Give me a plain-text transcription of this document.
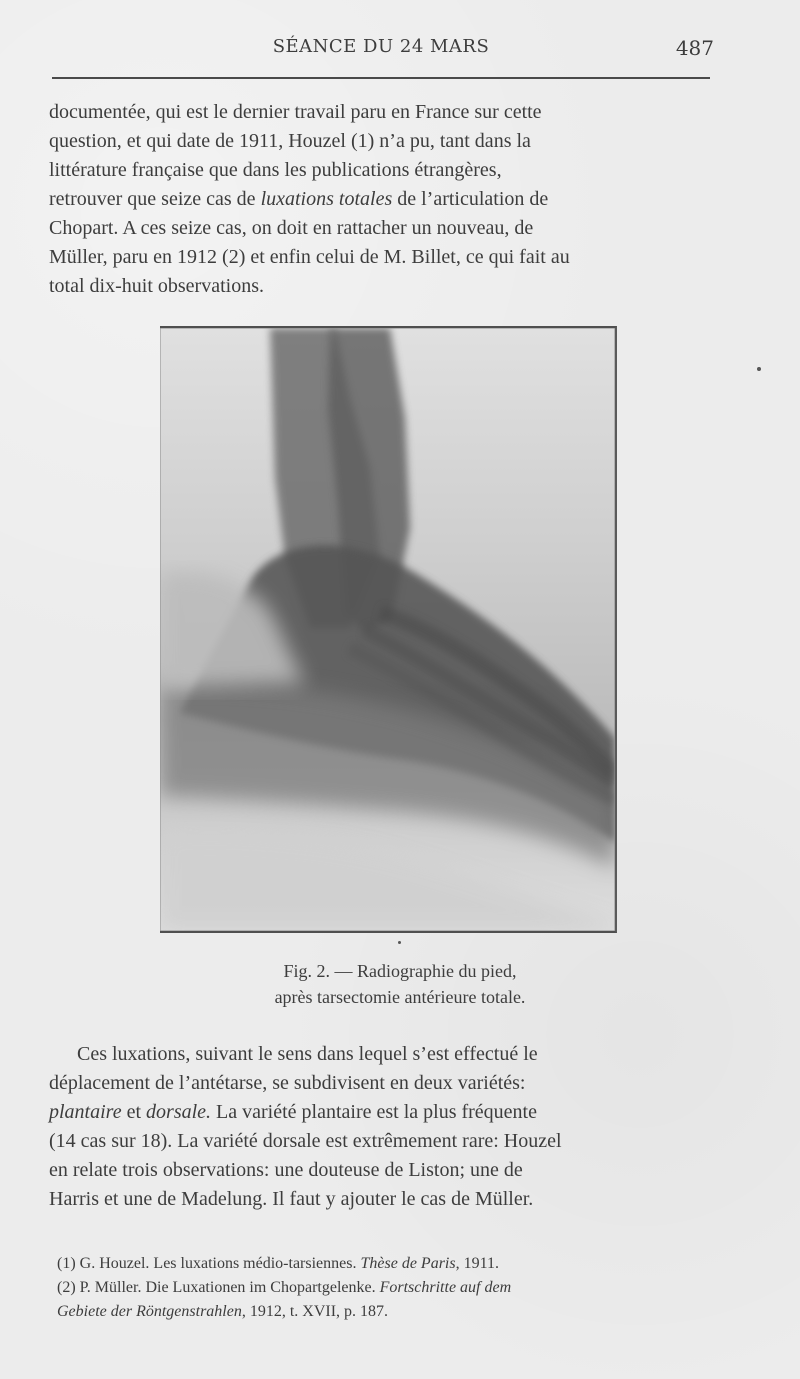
SÉANCE DU 24 MARS	487
documentée, qui est le dernier travail paru en France sur cette
question, et qui date de 1911, Houzel (1) n’a pu, tant dans la
littérature française que dans les publications étrangères,
retrouver que seize cas de luxations totales de l’articulation de
Chopart. A ces seize cas, on doit en rattacher un nouveau, de
Müller, paru en 1912 (2) et enfin celui de M. Billet, ce qui fait au
total dix-huit observations.
Fig. 2. — Radiographie du pied,
après tarsectomie antérieure totale.
Ces luxations, suivant le sens dans lequel s’est effectué le
déplacement de l’antétarse, se subdivisent en deux variétés:
plantaire et dorsale. La variété plantaire est la plus fréquente
(14 cas sur 18). La variété dorsale est extrêmement rare: Houzel
en relate trois observations: une douteuse de Liston; une de
Harris et une de Madelung. Il faut y ajouter le cas de Müller.
(1) G. Houzel. Les luxations médio-tarsiennes. Thèse de Paris, 1911.
(2) P. Müller. Die Luxationen im Chopartgelenke. Fortschritte auf dem
Gebiete der Röntgenstrahlen, 1912, t. XVII, p. 187.
